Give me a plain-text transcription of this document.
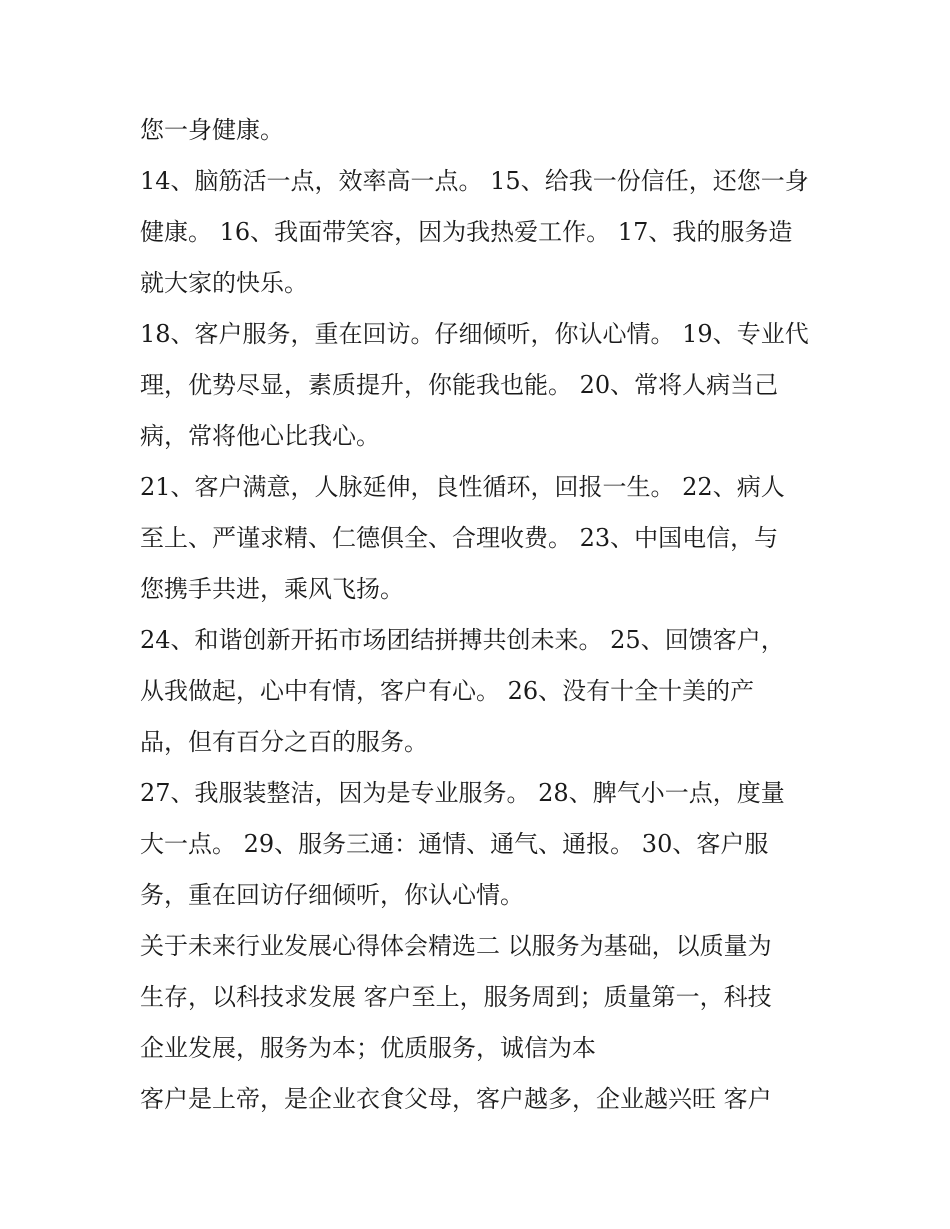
您一身健康。
14、脑筋活一点，效率高一点。 15、给我一份信任，还您一身
健康。 16、我面带笑容，因为我热爱工作。 17、我的服务造
就大家的快乐。
18、客户服务，重在回访。仔细倾听，你认心情。 19、专业代
理，优势尽显，素质提升，你能我也能。 20、常将人病当己
病，常将他心比我心。
21、客户满意，人脉延伸，良性循环，回报一生。 22、病人
至上、严谨求精、仁德俱全、合理收费。 23、中国电信，与
您携手共进，乘风飞扬。
24、和谐创新开拓市场团结拼搏共创未来。 25、回馈客户，
从我做起，心中有情，客户有心。 26、没有十全十美的产
品，但有百分之百的服务。
27、我服装整洁，因为是专业服务。 28、脾气小一点，度量
大一点。 29、服务三通：通情、通气、通报。 30、客户服
务，重在回访仔细倾听，你认心情。
关于未来行业发展心得体会精选二 以服务为基础，以质量为
生存，以科技求发展 客户至上，服务周到；质量第一，科技
企业发展，服务为本；优质服务，诚信为本
客户是上帝，是企业衣食父母，客户越多，企业越兴旺 客户
